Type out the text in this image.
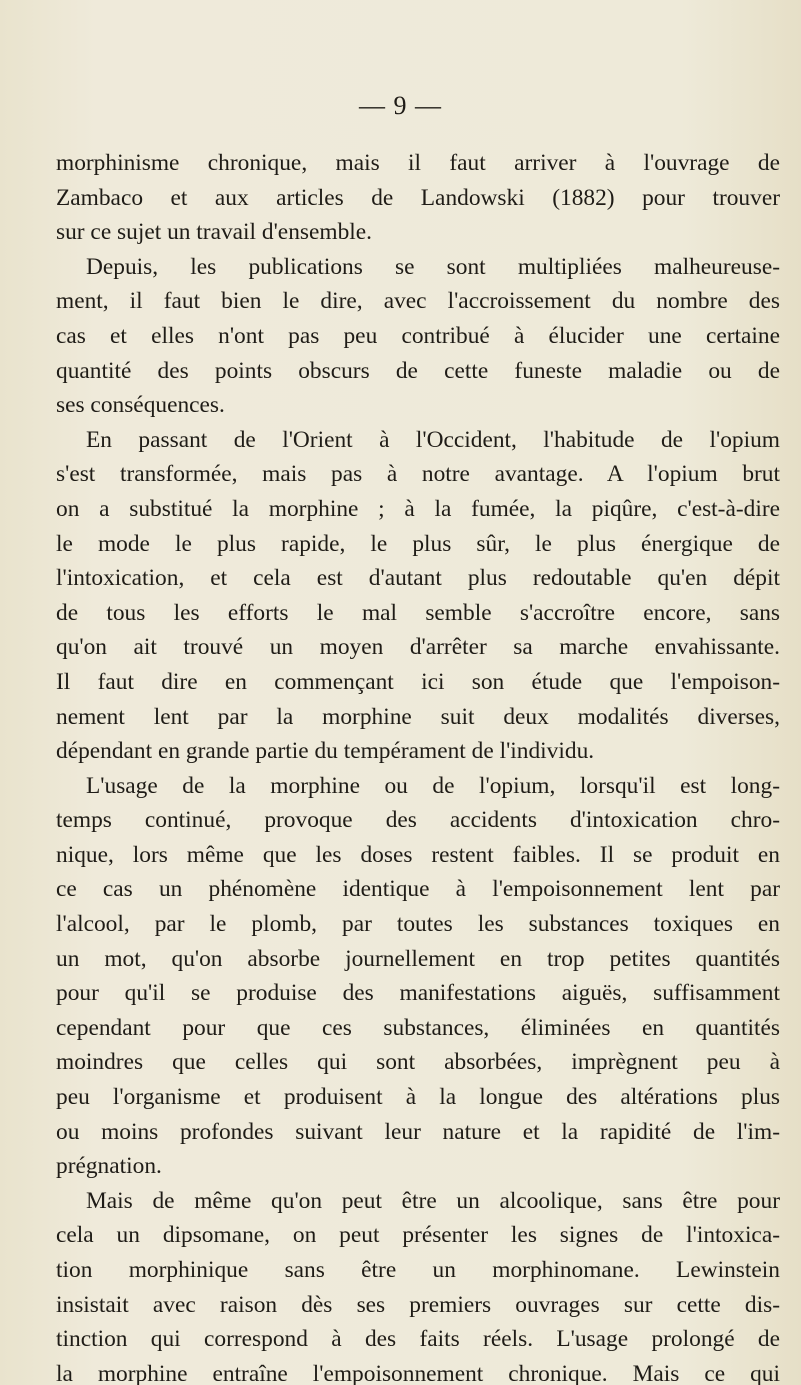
— 9 —
morphinisme chronique, mais il faut arriver à l'ouvrage de
Zambaco et aux articles de Landowski (1882) pour trouver
sur ce sujet un travail d'ensemble.
Depuis, les publications se sont multipliées malheureuse-
ment, il faut bien le dire, avec l'accroissement du nombre des
cas et elles n'ont pas peu contribué à élucider une certaine
quantité des points obscurs de cette funeste maladie ou de
ses conséquences.
En passant de l'Orient à l'Occident, l'habitude de l'opium
s'est transformée, mais pas à notre avantage. A l'opium brut
on a substitué la morphine ; à la fumée, la piqûre, c'est-à-dire
le mode le plus rapide, le plus sûr, le plus énergique de
l'intoxication, et cela est d'autant plus redoutable qu'en dépit
de tous les efforts le mal semble s'accroître encore, sans
qu'on ait trouvé un moyen d'arrêter sa marche envahissante.
Il faut dire en commençant ici son étude que l'empoison-
nement lent par la morphine suit deux modalités diverses,
dépendant en grande partie du tempérament de l'individu.
L'usage de la morphine ou de l'opium, lorsqu'il est long-
temps continué, provoque des accidents d'intoxication chro-
nique, lors même que les doses restent faibles. Il se produit en
ce cas un phénomène identique à l'empoisonnement lent par
l'alcool, par le plomb, par toutes les substances toxiques en
un mot, qu'on absorbe journellement en trop petites quantités
pour qu'il se produise des manifestations aiguës, suffisamment
cependant pour que ces substances, éliminées en quantités
moindres que celles qui sont absorbées, imprègnent peu à
peu l'organisme et produisent à la longue des altérations plus
ou moins profondes suivant leur nature et la rapidité de l'im-
prégnation.
Mais de même qu'on peut être un alcoolique, sans être pour
cela un dipsomane, on peut présenter les signes de l'intoxica-
tion morphinique sans être un morphinomane. Lewinstein
insistait avec raison dès ses premiers ouvrages sur cette dis-
tinction qui correspond à des faits réels. L'usage prolongé de
la morphine entraîne l'empoisonnement chronique. Mais ce qui
